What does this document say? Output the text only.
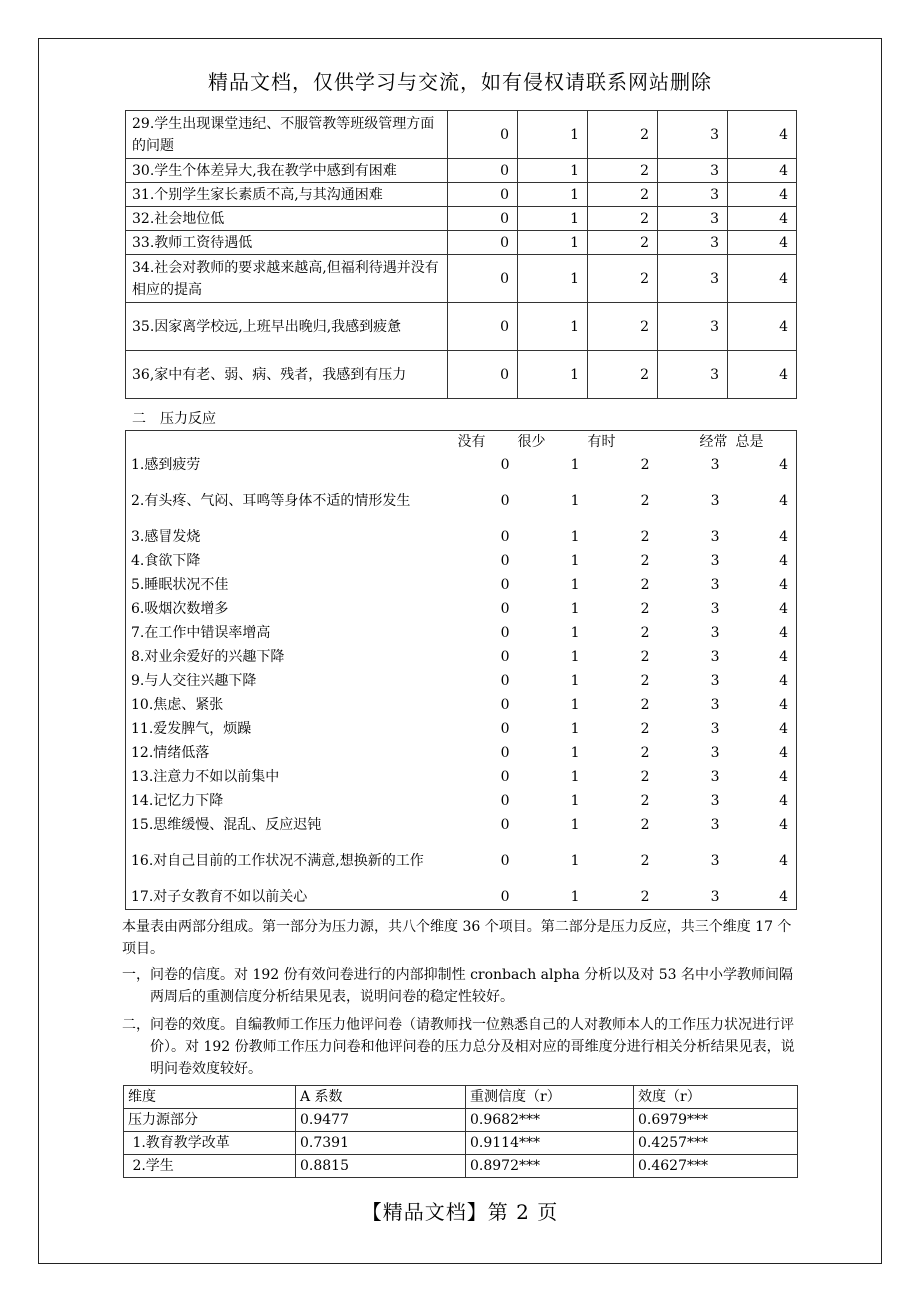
精品文档，仅供学习与交流，如有侵权请联系网站删除
29.学生出现课堂违纪、不服管教等班级管理方面的问题	0	1	2	3	4
30.学生个体差异大,我在教学中感到有困难	0	1	2	3	4
31.个别学生家长素质不高,与其沟通困难	0	1	2	3	4
32.社会地位低	0	1	2	3	4
33.教师工资待遇低	0	1	2	3	4
34.社会对教师的要求越来越高,但福利待遇并没有相应的提高	0	1	2	3	4
35.因家离学校远,上班早出晚归,我感到疲惫	0	1	2	3	4
36,家中有老、弱、病、残者，我感到有压力	0	1	2	3	4
二　压力反应
	没有	很少	有时	经常	总是
1.感到疲劳	0	1	2	3	4
2.有头疼、气闷、耳鸣等身体不适的情形发生	0	1	2	3	4
3.感冒发烧	0	1	2	3	4
4.食欲下降	0	1	2	3	4
5.睡眠状况不佳	0	1	2	3	4
6.吸烟次数增多	0	1	2	3	4
7.在工作中错误率增高	0	1	2	3	4
8.对业余爱好的兴趣下降	0	1	2	3	4
9.与人交往兴趣下降	0	1	2	3	4
10.焦虑、紧张	0	1	2	3	4
11.爱发脾气，烦躁	0	1	2	3	4
12.情绪低落	0	1	2	3	4
13.注意力不如以前集中	0	1	2	3	4
14.记忆力下降	0	1	2	3	4
15.思维缓慢、混乱、反应迟钝	0	1	2	3	4
16.对自己目前的工作状况不满意,想换新的工作	0	1	2	3	4
17.对子女教育不如以前关心	0	1	2	3	4
本量表由两部分组成。第一部分为压力源，共八个维度 36 个项目。第二部分是压力反应，共三个维度 17 个项目。
一， 问卷的信度。对 192 份有效问卷进行的内部抑制性 cronbach alpha 分析以及对 53 名中小学教师间隔两周后的重测信度分析结果见表，说明问卷的稳定性较好。
二， 问卷的效度。自编教师工作压力他评问卷（请教师找一位熟悉自己的人对教师本人的工作压力状况进行评价）。对 192 份教师工作压力问卷和他评问卷的压力总分及相对应的哥维度分进行相关分析结果见表，说明问卷效度较好。
维度	A 系数	重测信度（r）	效度（r）
压力源部分	0.9477	0.9682***	0.6979***
1.教育教学改革	0.7391	0.9114***	0.4257***
2.学生	0.8815	0.8972***	0.4627***
【精品文档】第 2 页
